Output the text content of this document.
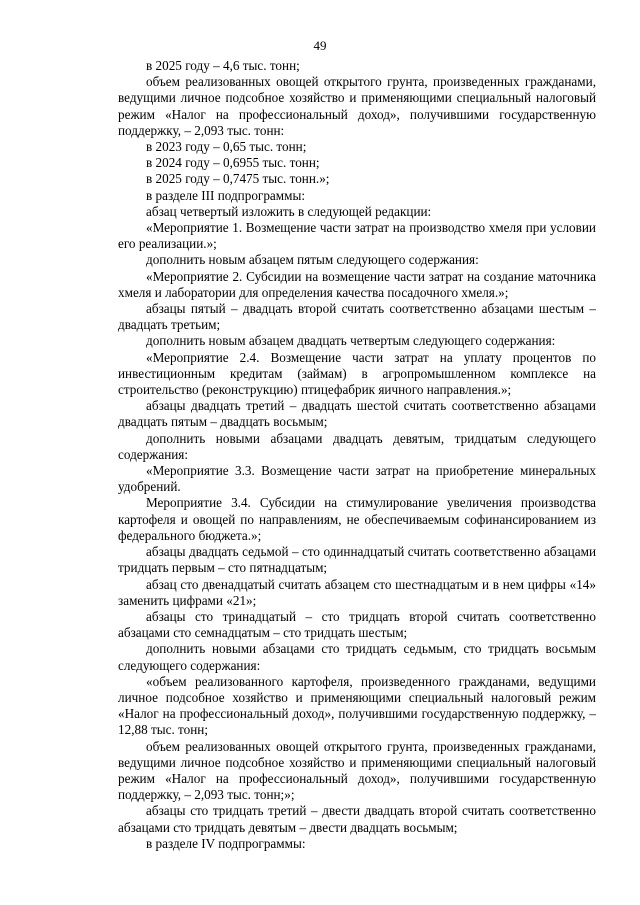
49

в 2025 году – 4,6 тыс. тонн;

объем реализованных овощей открытого грунта, произведенных гражданами, ведущими личное подсобное хозяйство и применяющими специальный налоговый режим «Налог на профессиональный доход», получившими государственную поддержку, – 2,093 тыс. тонн:

в 2023 году – 0,65 тыс. тонн;

в 2024 году – 0,6955 тыс. тонн;

в 2025 году – 0,7475 тыс. тонн.»;

в разделе III подпрограммы:

абзац четвертый изложить в следующей редакции:

«Мероприятие 1. Возмещение части затрат на производство хмеля при условии его реализации.»;

дополнить новым абзацем пятым следующего содержания:

«Мероприятие 2. Субсидии на возмещение части затрат на создание маточника хмеля и лаборатории для определения качества посадочного хмеля.»;

абзацы пятый – двадцать второй считать соответственно абзацами шестым – двадцать третьим;

дополнить новым абзацем двадцать четвертым следующего содержания:

«Мероприятие 2.4. Возмещение части затрат на уплату процентов по инвестиционным кредитам (займам) в агропромышленном комплексе на строительство (реконструкцию) птицефабрик яичного направления.»;

абзацы двадцать третий – двадцать шестой считать соответственно абзацами двадцать пятым – двадцать восьмым;

дополнить новыми абзацами двадцать девятым, тридцатым следующего содержания:

«Мероприятие 3.3. Возмещение части затрат на приобретение минеральных удобрений.

Мероприятие 3.4. Субсидии на стимулирование увеличения производства картофеля и овощей по направлениям, не обеспечиваемым софинансированием из федерального бюджета.»;

абзацы двадцать седьмой – сто одиннадцатый считать соответственно абзацами тридцать первым – сто пятнадцатым;

абзац сто двенадцатый считать абзацем сто шестнадцатым и в нем цифры «14» заменить цифрами «21»;

абзацы сто тринадцатый – сто тридцать второй считать соответственно абзацами сто семнадцатым – сто тридцать шестым;

дополнить новыми абзацами сто тридцать седьмым, сто тридцать восьмым следующего содержания:

«объем реализованного картофеля, произведенного гражданами, ведущими личное подсобное хозяйство и применяющими специальный налоговый режим «Налог на профессиональный доход», получившими государственную поддержку, – 12,88 тыс. тонн;

объем реализованных овощей открытого грунта, произведенных гражданами, ведущими личное подсобное хозяйство и применяющими специальный налоговый режим «Налог на профессиональный доход», получившими государственную поддержку, – 2,093 тыс. тонн;»;

абзацы сто тридцать третий – двести двадцать второй считать соответственно абзацами сто тридцать девятым – двести двадцать восьмым;

в разделе IV подпрограммы:
